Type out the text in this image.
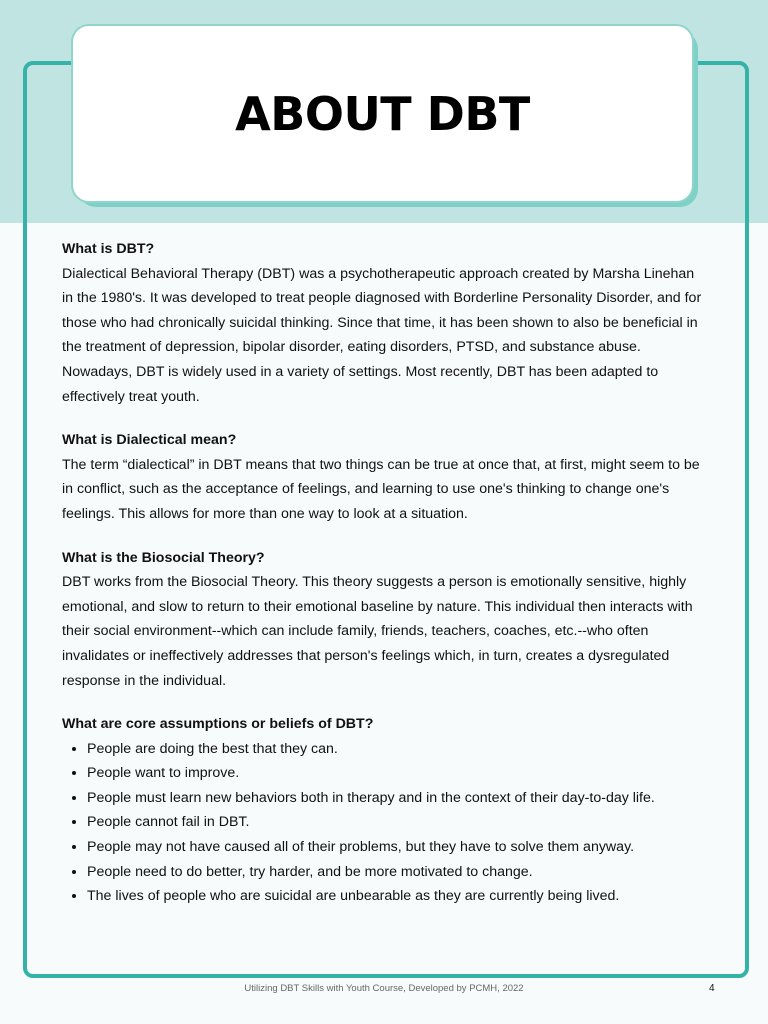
ABOUT DBT
What is DBT?

Dialectical Behavioral Therapy (DBT) was a psychotherapeutic approach created by Marsha Linehan in the 1980's. It was developed to treat people diagnosed with Borderline Personality Disorder, and for those who had chronically suicidal thinking. Since that time, it has been shown to also be beneficial in the treatment of depression, bipolar disorder, eating disorders, PTSD, and substance abuse. Nowadays, DBT is widely used in a variety of settings. Most recently, DBT has been adapted to effectively treat youth.

What is Dialectical mean?

The term “dialectical” in DBT means that two things can be true at once that, at first, might seem to be in conflict, such as the acceptance of feelings, and learning to use one's thinking to change one's feelings. This allows for more than one way to look at a situation.

What is the Biosocial Theory?

DBT works from the Biosocial Theory. This theory suggests a person is emotionally sensitive, highly emotional, and slow to return to their emotional baseline by nature. This individual then interacts with their social environment--which can include family, friends, teachers, coaches, etc.--who often invalidates or ineffectively addresses that person's feelings which, in turn, creates a dysregulated response in the individual.

What are core assumptions or beliefs of DBT?
• People are doing the best that they can.
• People want to improve.
• People must learn new behaviors both in therapy and in the context of their day-to-day life.
• People cannot fail in DBT.
• People may not have caused all of their problems, but they have to solve them anyway.
• People need to do better, try harder, and be more motivated to change.
• The lives of people who are suicidal are unbearable as they are currently being lived.
Utilizing DBT Skills with Youth Course, Developed by PCMH, 2022	4
